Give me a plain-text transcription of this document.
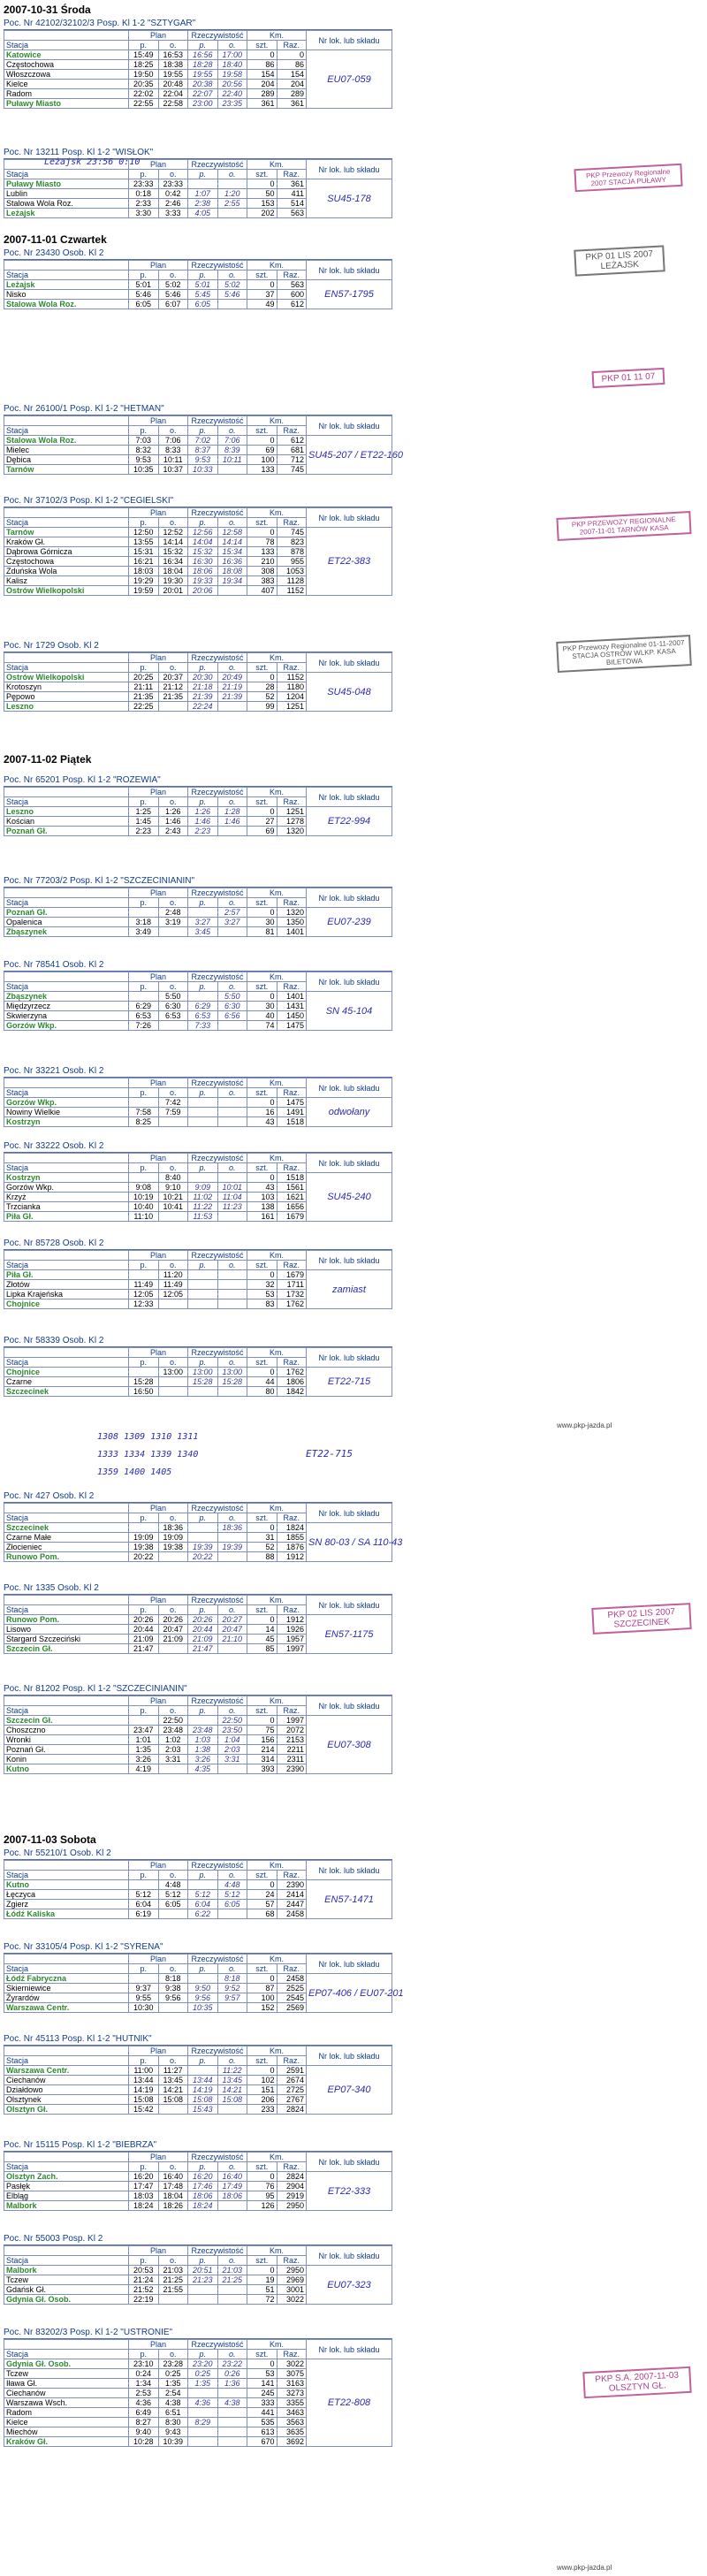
2007-10-31 Środa
2007-11-01 Czwartek
2007-11-02 Piątek
2007-11-03 Sobota
Poc. Nr 42102/32102/3 Posp. Kl 1-2 "SZTYGAR"
	Plan		Rzeczywistość		Km.		Nr lok. lub składu
Stacja	p.	o.	p.	o.	szt.	Raz.	
Katowice	15:49	16:53	16:56	17:00	0	0	EU07-059
Częstochowa	18:25	18:38	18:28	18:40	86	86	
Włoszczowa	19:50	19:55	19:55	19:58	154	154	
Kielce	20:35	20:48	20:38	20:56	204	204	
Radom	22:02	22:04	22:07	22:40	289	289	
Puławy Miasto	22:55	22:58	23:00	23:35	361	361	
Poc. Nr 13211 Posp. Kl 1-2 "WISŁOK"
	Plan		Rzeczywistość		Km.		Nr lok. lub składu
Stacja	p.	o.	p.	o.	szt.	Raz.	
Puławy Miasto	23:33	23:33			0	361	SU45-178
Lublin	0:18	0:42	1:07	1:20	50	411	
Stalowa Wola Roz.	2:33	2:46	2:38	2:55	153	514	
Leżajsk	3:30	3:33	4:05		202	563	
Poc. Nr 23430 Osob. Kl 2
	Plan		Rzeczywistość		Km.		Nr lok. lub składu
Stacja	p.	o.	p.	o.	szt.	Raz.	
Leżajsk	5:01	5:02	5:01	5:02	0	563	EN57-1795
Nisko	5:46	5:46	5:45	5:46	37	600	
Stalowa Wola Roz.	6:05	6:07	6:05		49	612	
Poc. Nr 26100/1 Posp. Kl 1-2 "HETMAN"
	Plan		Rzeczywistość		Km.		Nr lok. lub składu
Stacja	p.	o.	p.	o.	szt.	Raz.	
Stalowa Wola Roz.	7:03	7:06	7:02	7:06	0	612	SU45-207 / ET22-160
Mielec	8:32	8:33	8:37	8:39	69	681	
Dębica	9:53	10:11	9:53	10:11	100	712	
Tarnów	10:35	10:37	10:33		133	745	
Poc. Nr 37102/3 Posp. Kl 1-2 "CEGIELSKI"
	Plan		Rzeczywistość		Km.		Nr lok. lub składu
Stacja	p.	o.	p.	o.	szt.	Raz.	
Tarnów	12:50	12:52	12:56	12:58	0	745	ET22-383
Kraków Gł.	13:55	14:14	14:04	14:14	78	823	
Dąbrowa Górnicza	15:31	15:32	15:32	15:34	133	878	
Częstochowa	16:21	16:34	16:30	16:36	210	955	
Zduńska Wola	18:03	18:04	18:06	18:08	308	1053	
Kalisz	19:29	19:30	19:33	19:34	383	1128	
Ostrów Wielkopolski	19:59	20:01	20:06		407	1152	
Poc. Nr 1729 Osob. Kl 2
	Plan		Rzeczywistość		Km.		Nr lok. lub składu
Stacja	p.	o.	p.	o.	szt.	Raz.	
Ostrów Wielkopolski	20:25	20:37	20:30	20:49	0	1152	SU45-048
Krotoszyn	21:11	21:12	21:18	21:19	28	1180	
Pępowo	21:35	21:35	21:39	21:39	52	1204	
Leszno	22:25		22:24		99	1251	
Poc. Nr 65201 Posp. Kl 1-2 "ROZEWIA"
	Plan		Rzeczywistość		Km.		Nr lok. lub składu
Stacja	p.	o.	p.	o.	szt.	Raz.	
Leszno	1:25	1:26	1:26	1:28	0	1251	ET22-994
Kościan	1:45	1:46	1:46	1:46	27	1278	
Poznań Gł.	2:23	2:43	2:23		69	1320	
Poc. Nr 77203/2 Posp. Kl 1-2 "SZCZECINIANIN"
	Plan		Rzeczywistość		Km.		Nr lok. lub składu
Stacja	p.	o.	p.	o.	szt.	Raz.	
Poznań Gł.		2:48		2:57	0	1320	EU07-239
Opalenica	3:18	3:19	3:27	3:27	30	1350	
Zbąszynek	3:49		3:45		81	1401	
Poc. Nr 78541 Osob. Kl 2
	Plan		Rzeczywistość		Km.		Nr lok. lub składu
Stacja	p.	o.	p.	o.	szt.	Raz.	
Zbąszynek		5:50		5:50	0	1401	SN 45-104
Międzyrzecz	6:29	6:30	6:29	6:30	30	1431	
Skwierzyna	6:53	6:53	6:53	6:56	40	1450	
Gorzów Wkp.	7:26		7:33		74	1475	
Poc. Nr 33221 Osob. Kl 2
	Plan		Rzeczywistość		Km.		Nr lok. lub składu
Stacja	p.	o.	p.	o.	szt.	Raz.	
Gorzów Wkp.		7:42			0	1475	odwołany
Nowiny Wielkie	7:58	7:59			16	1491	
Kostrzyn	8:25				43	1518	
Poc. Nr 33222 Osob. Kl 2
	Plan		Rzeczywistość		Km.		Nr lok. lub składu
Stacja	p.	o.	p.	o.	szt.	Raz.	
Kostrzyn		8:40			0	1518	SU45-240
Gorzów Wkp.	9:08	9:10	9:09	10:01	43	1561	
Krzyż	10:19	10:21	11:02	11:04	103	1621	
Trzcianka	10:40	10:41	11:22	11:23	138	1656	
Piła Gł.	11:10		11:53		161	1679	
Poc. Nr 85728 Osob. Kl 2
	Plan		Rzeczywistość		Km.		Nr lok. lub składu
Stacja	p.	o.	p.	o.	szt.	Raz.	
Piła Gł.		11:20			0	1679	zamiast
Złotów	11:49	11:49			32	1711	
Lipka Krajeńska	12:05	12:05			53	1732	
Chojnice	12:33				83	1762	
Poc. Nr 58339 Osob. Kl 2
	Plan		Rzeczywistość		Km.		Nr lok. lub składu
Stacja	p.	o.	p.	o.	szt.	Raz.	
Chojnice		13:00	13:00	13:00	0	1762	ET22-715
Czarne	15:28		15:28	15:28	44	1806	
Szczecinek	16:50				80	1842	
Poc. Nr 427 Osob. Kl 2
	Plan		Rzeczywistość		Km.		Nr lok. lub składu
Stacja	p.	o.	p.	o.	szt.	Raz.	
Szczecinek		18:36		18:36	0	1824	SN 80-03 / SA 110-43
Czarne Małe	19:09	19:09			31	1855	
Złocieniec	19:38	19:38	19:39	19:39	52	1876	
Runowo Pom.	20:22		20:22		88	1912	
Poc. Nr 1335 Osob. Kl 2
	Plan		Rzeczywistość		Km.		Nr lok. lub składu
Stacja	p.	o.	p.	o.	szt.	Raz.	
Runowo Pom.	20:26	20:26	20:26	20:27	0	1912	EN57-1175
Lisowo	20:44	20:47	20:44	20:47	14	1926	
Stargard Szczeciński	21:09	21:09	21:09	21:10	45	1957	
Szczecin Gł.	21:47		21:47		85	1997	
Poc. Nr 81202 Posp. Kl 1-2 "SZCZECINIANIN"
	Plan		Rzeczywistość		Km.		Nr lok. lub składu
Stacja	p.	o.	p.	o.	szt.	Raz.	
Szczecin Gł.		22:50		22:50	0	1997	EU07-308
Choszczno	23:47	23:48	23:48	23:50	75	2072	
Wronki	1:01	1:02	1:03	1:04	156	2153	
Poznań Gł.	1:35	2:03	1:38	2:03	214	2211	
Konin	3:26	3:31	3:26	3:31	314	2311	
Kutno	4:19		4:35		393	2390	
Poc. Nr 55210/1 Osob. Kl 2
	Plan		Rzeczywistość		Km.		Nr lok. lub składu
Stacja	p.	o.	p.	o.	szt.	Raz.	
Kutno		4:48		4:48	0	2390	EN57-1471
Łęczyca	5:12	5:12	5:12	5:12	24	2414	
Zgierz	6:04	6:05	6:04	6:05	57	2447	
Łódź Kaliska	6:19		6:22		68	2458	
Poc. Nr 33105/4 Posp. Kl 1-2 "SYRENA"
	Plan		Rzeczywistość		Km.		Nr lok. lub składu
Stacja	p.	o.	p.	o.	szt.	Raz.	
Łódź Fabryczna		8:18		8:18	0	2458	EP07-406 / EU07-201
Skierniewice	9:37	9:38	9:50	9:52	87	2525	
Żyrardów	9:55	9:56	9:56	9:57	100	2545	
Warszawa Centr.	10:30		10:35		152	2569	
Poc. Nr 45113 Posp. Kl 1-2 "HUTNIK"
	Plan		Rzeczywistość		Km.		Nr lok. lub składu
Stacja	p.	o.	p.	o.	szt.	Raz.	
Warszawa Centr.	11:00	11:27		11:22	0	2591	EP07-340
Ciechanów	13:44	13:45	13:44	13:45	102	2674	
Działdowo	14:19	14:21	14:19	14:21	151	2725	
Olsztynek	15:08	15:08	15:08	15:08	206	2767	
Olsztyn Gł.	15:42		15:43		233	2824	
Poc. Nr 15115 Posp. Kl 1-2 "BIEBRZA"
	Plan		Rzeczywistość		Km.		Nr lok. lub składu
Stacja	p.	o.	p.	o.	szt.	Raz.	
Olsztyn Zach.	16:20	16:40	16:20	16:40	0	2824	ET22-333
Pasłęk	17:47	17:48	17:46	17:49	76	2904	
Elbląg	18:03	18:04	18:06	18:06	95	2919	
Malbork	18:24	18:26	18:24		126	2950	
Poc. Nr 55003 Posp. Kl 2
	Plan		Rzeczywistość		Km.		Nr lok. lub składu
Stacja	p.	o.	p.	o.	szt.	Raz.	
Malbork	20:53	21:03	20:51	21:03	0	2950	EU07-323
Tczew	21:24	21:25	21:23	21:25	19	2969	
Gdańsk Gł.	21:52	21:55			51	3001	
Gdynia Gł. Osob.	22:19				72	3022	
Poc. Nr 83202/3 Posp. Kl 1-2 "USTRONIE"
	Plan		Rzeczywistość		Km.		Nr lok. lub składu
Stacja	p.	o.	p.	o.	szt.	Raz.	
Gdynia Gł. Osob.	23:10	23:28	23:20	23:22	0	3022	ET22-808
Tczew	0:24	0:25	0:25	0:26	53	3075	
Iława Gł.	1:34	1:35	1:35	1:36	141	3163	
Ciechanów	2:53	2:54			245	3273	
Warszawa Wsch.	4:36	4:38	4:36	4:38	333	3355	
Radom	6:49	6:51			441	3463	
Kielce	8:27	8:30	8:29		535	3563	
Miechów	9:40	9:43			613	3635	
Kraków Gł.	10:28	10:39			670	3692	
PKP Przewozy Regionalne 2007 STACJA PUŁAWY
PKP 01 LIS 2007 LEŻAJSK
PKP 01 11 07
PKP PRZEWOZY REGIONALNE 2007-11-01 TARNÓW KASA
PKP Przewozy Regionalne 01-11-2007 STACJA OSTRÓW WLKP. KASA BILETOWA
PKP 02 LIS 2007 SZCZECINEK
PKP S.A. 2007-11-03 OLSZTYN GŁ.
Leżajsk 23:56 0:10
1308 1309 1310 1311
1333 1334 1339 1340
1359 1400 1405
ET22-715
www.pkp-jazda.pl
www.pkp-jazda.pl
